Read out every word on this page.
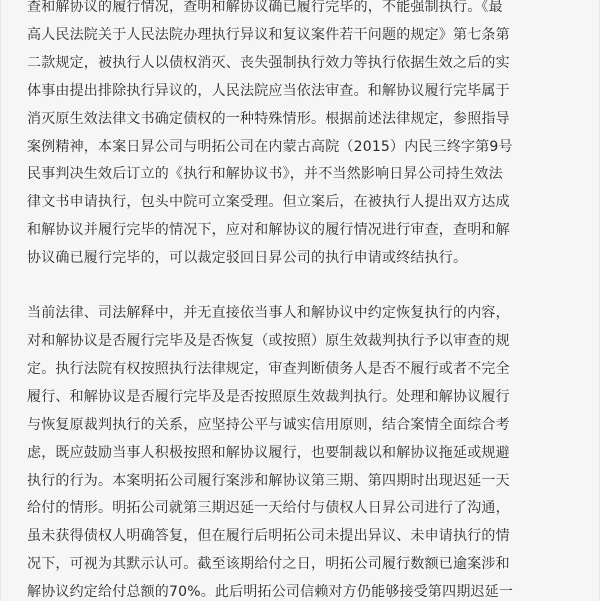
查和解协议的履行情况，查明和解协议确已履行完毕的，不能强制执行。《最
高人民法院关于人民法院办理执行异议和复议案件若干问题的规定》第七条第
二款规定，被执行人以债权消灭、丧失强制执行效力等执行依据生效之后的实
体事由提出排除执行异议的，人民法院应当依法审查。和解协议履行完毕属于
消灭原生效法律文书确定债权的一种特殊情形。根据前述法律规定，参照指导
案例精神，本案日昇公司与明拓公司在内蒙古高院（2015）内民三终字第9号
民事判决生效后订立的《执行和解协议书》，并不当然影响日昇公司持生效法
律文书申请执行，包头中院可立案受理。但立案后，在被执行人提出双方达成
和解协议并履行完毕的情况下，应对和解协议的履行情况进行审查，查明和解
协议确已履行完毕的，可以裁定驳回日昇公司的执行申请或终结执行。

当前法律、司法解释中，并无直接依当事人和解协议中约定恢复执行的内容，
对和解协议是否履行完毕及是否恢复（或按照）原生效裁判执行予以审查的规
定。执行法院有权按照执行法律规定，审查判断债务人是否不履行或者不完全
履行、和解协议是否履行完毕及是否按照原生效裁判执行。处理和解协议履行
与恢复原裁判执行的关系，应坚持公平与诚实信用原则，结合案情全面综合考
虑，既应鼓励当事人积极按照和解协议履行，也要制裁以和解协议拖延或规避
执行的行为。本案明拓公司履行案涉和解协议第三期、第四期时出现迟延一天
给付的情形。明拓公司就第三期迟延一天给付与债权人日昇公司进行了沟通，
虽未获得债权人明确答复，但在履行后明拓公司未提出异议、未申请执行的情
况下，可视为其默示认可。截至该期给付之日，明拓公司履行数额已逾案涉和
解协议约定给付总额的70%。此后明拓公司信赖对方仍能够接受第四期迟延一
